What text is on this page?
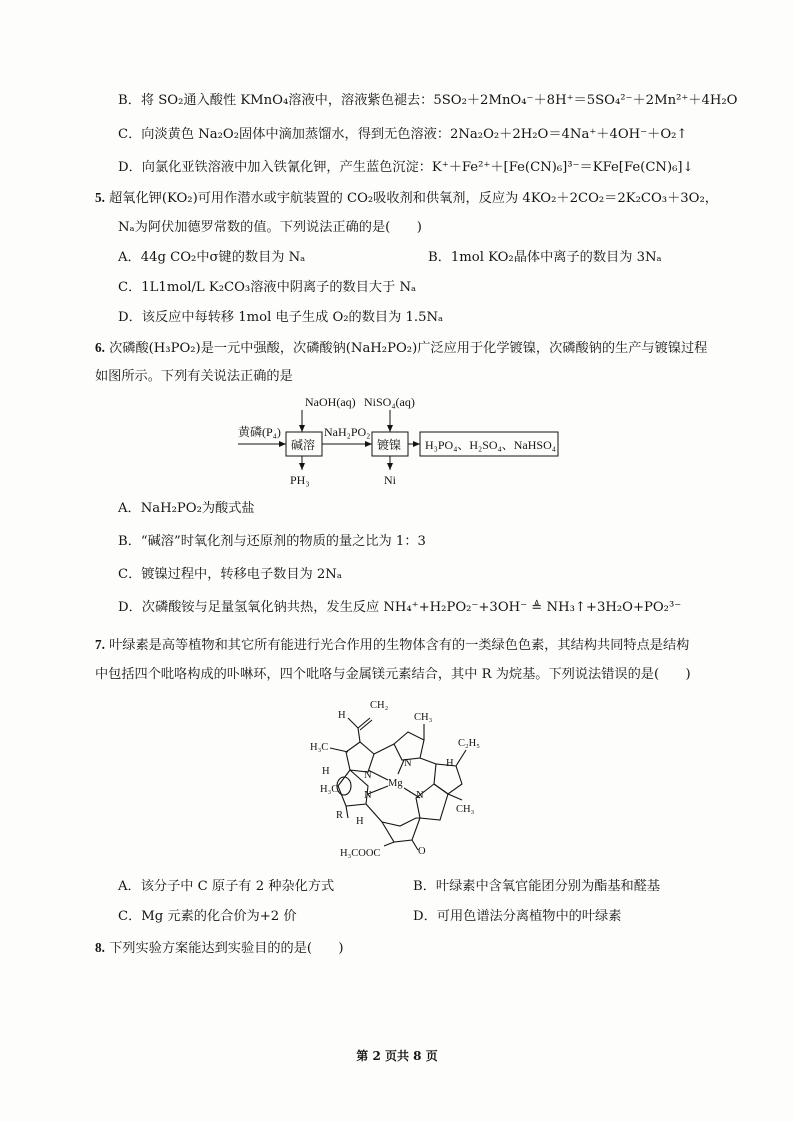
B．将 SO₂通入酸性 KMnO₄溶液中，溶液紫色褪去：5SO₂＋2MnO₄⁻＋8H⁺＝5SO₄²⁻＋2Mn²⁺＋4H₂O
C．向淡黄色 Na₂O₂固体中滴加蒸馏水，得到无色溶液：2Na₂O₂＋2H₂O＝4Na⁺＋4OH⁻＋O₂↑
D．向氯化亚铁溶液中加入铁氰化钾，产生蓝色沉淀：K⁺＋Fe²⁺＋[Fe(CN)₆]³⁻＝KFe[Fe(CN)₆]↓
5. 超氧化钾(KO₂)可用作潜水或宇航装置的 CO₂吸收剂和供氧剂，反应为 4KO₂＋2CO₂＝2K₂CO₃＋3O₂，
Nₐ为阿伏加德罗常数的值。下列说法正确的是(　　)
A．44g CO₂中σ键的数目为 Nₐ	B．1mol KO₂晶体中离子的数目为 3Nₐ
C．1L1mol/L K₂CO₃溶液中阴离子的数目大于 Nₐ
D．该反应中每转移 1mol 电子生成 O₂的数目为 1.5Nₐ
6. 次磷酸(H₃PO₂)是一元中强酸，次磷酸钠(NaH₂PO₂)广泛应用于化学镀镍，次磷酸钠的生产与镀镍过程
如图所示。下列有关说法正确的是
NaOH(aq)
黄磷(P₄)
碱溶
PH₃
NaH₂PO₂
NiSO₄(aq)
镀镍
Ni
H₃PO₄、H₂SO₄、NaHSO₄
A．NaH₂PO₂为酸式盐
B．“碱溶”时氧化剂与还原剂的物质的量之比为 1：3
C．镀镍过程中，转移电子数目为 2Nₐ
D．次磷酸铵与足量氢氧化钠共热，发生反应 NH₄⁺+H₂PO₂⁻+3OH⁻ ≜ NH₃↑+3H₂O+PO₂³⁻
7. 叶绿素是高等植物和其它所有能进行光合作用的生物体含有的一类绿色色素，其结构共同特点是结构
中包括四个吡咯构成的卟啉环，四个吡咯与金属镁元素结合，其中 R 为烷基。下列说法错误的是(　　)
CH₂
H	CH₃
C₂H₅
H₃C
H
H
Mg
N
N
N	N
H₃C
CH₃
R
H
H₃COOC	O
A．该分子中 C 原子有 2 种杂化方式	B．叶绿素中含氧官能团分别为酯基和醛基
C．Mg 元素的化合价为+2 价	D．可用色谱法分离植物中的叶绿素
8. 下列实验方案能达到实验目的的是(　　)
第 2 页共 8 页
